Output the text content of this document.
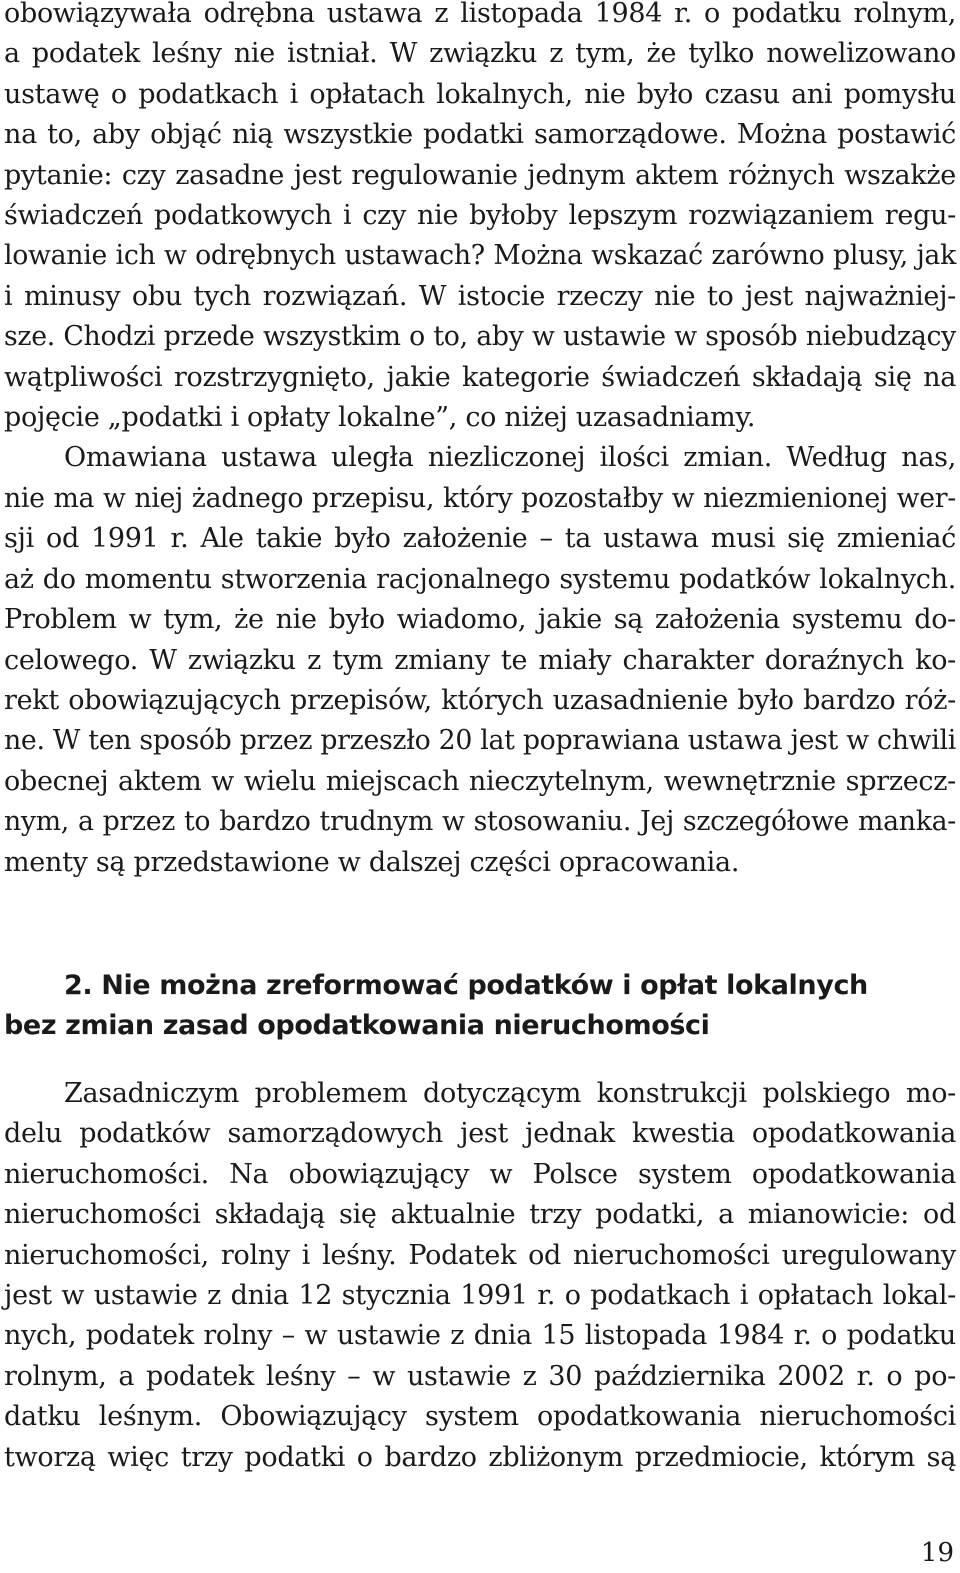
obowiązywała odrębna ustawa z listopada 1984 r. o podatku rolnym,
a podatek leśny nie istniał. W związku z tym, że tylko nowelizowano
ustawę o podatkach i opłatach lokalnych, nie było czasu ani pomysłu
na to, aby objąć nią wszystkie podatki samorządowe. Można postawić
pytanie: czy zasadne jest regulowanie jednym aktem różnych wszakże
świadczeń podatkowych i czy nie byłoby lepszym rozwiązaniem regu-
lowanie ich w odrębnych ustawach? Można wskazać zarówno plusy, jak
i minusy obu tych rozwiązań. W istocie rzeczy nie to jest najważniej-
sze. Chodzi przede wszystkim o to, aby w ustawie w sposób niebudzący
wątpliwości rozstrzygnięto, jakie kategorie świadczeń składają się na
pojęcie „podatki i opłaty lokalne”, co niżej uzasadniamy.
Omawiana ustawa uległa niezliczonej ilości zmian. Według nas,
nie ma w niej żadnego przepisu, który pozostałby w niezmienionej wer-
sji od 1991 r. Ale takie było założenie – ta ustawa musi się zmieniać
aż do momentu stworzenia racjonalnego systemu podatków lokalnych.
Problem w tym, że nie było wiadomo, jakie są założenia systemu do-
celowego. W związku z tym zmiany te miały charakter doraźnych ko-
rekt obowiązujących przepisów, których uzasadnienie było bardzo róż-
ne. W ten sposób przez przeszło 20 lat poprawiana ustawa jest w chwili
obecnej aktem w wielu miejscach nieczytelnym, wewnętrznie sprzecz-
nym, a przez to bardzo trudnym w stosowaniu. Jej szczegółowe manka-
menty są przedstawione w dalszej części opracowania.
2. Nie można zreformować podatków i opłat lokalnych
bez zmian zasad opodatkowania nieruchomości
Zasadniczym problemem dotyczącym konstrukcji polskiego mo-
delu podatków samorządowych jest jednak kwestia opodatkowania
nieruchomości. Na obowiązujący w Polsce system opodatkowania
nieruchomości składają się aktualnie trzy podatki, a mianowicie: od
nieruchomości, rolny i leśny. Podatek od nieruchomości uregulowany
jest w ustawie z dnia 12 stycznia 1991 r. o podatkach i opłatach lokal-
nych, podatek rolny – w ustawie z dnia 15 listopada 1984 r. o podatku
rolnym, a podatek leśny – w ustawie z 30 października 2002 r. o po-
datku leśnym. Obowiązujący system opodatkowania nieruchomości
tworzą więc trzy podatki o bardzo zbliżonym przedmiocie, którym są
19
